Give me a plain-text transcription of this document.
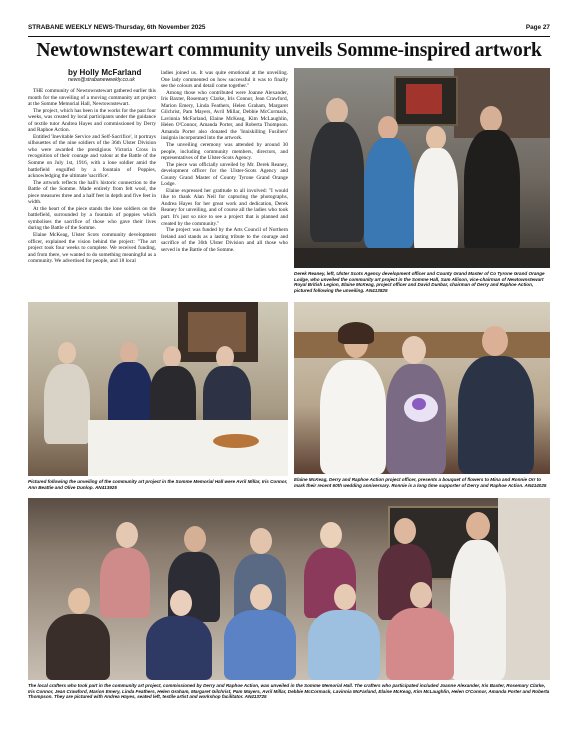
STRABANE WEEKLY NEWS-Thursday, 6th November 2025	Page 27
Newtownstewart community unveils Somme-inspired artwork
by Holly McFarland
news@strabaneweekly.co.uk

THE community of Newtownstewart gathered earlier this month for the unveiling of a moving community art project at the Somme Memorial Hall, Newtownstewart.

The project, which has been in the works for the past four weeks, was created by local participants under the guidance of textile tutor Andrea Hayes and commissioned by Derry and Raphoe Action.

Entitled 'Inevitable Service and Self-Sacrifice', it portrays silhouettes of the nine soldiers of the 36th Ulster Division who were awarded the prestigious Victoria Cross in recognition of their courage and valour at the Battle of the Somme on July 1st, 1916, with a lone soldier amid the battlefield engulfed by a fountain of Poppies, acknowledging the ultimate 'sacrifice'.

The artwork reflects the hall's historic connection to the Battle of the Somme. Made entirely from felt wool, the piece measures three and a half feet in depth and five feet in width.

At the heart of the piece stands the lone soldiers on the battlefield, surrounded by a fountain of poppies which symbolises the sacrifice of those who gave their lives during the Battle of the Somme.

Elaine McKeag, Ulster Scots community development officer, explained the vision behind the project: "The art project took four weeks to complete. We received funding, and from there, we wanted to do something meaningful as a community. We advertised for people, and 18 local

ladies joined us. It was quite emotional at the unveiling. One lady commented on how successful it was to finally see the colours and detail come together."

Among those who contributed were Joanne Alexander, Iris Baxter, Rosemary Clarke, Iris Connor, Jean Crawford, Marion Emery, Linda Feathers, Helen Graham, Margaret Gilchrist, Pam Mayers, Avril Millar, Debbie McCormack, Lavinnia McFarland, Elaine McKeag, Kim McLaughlin, Helen O'Connor, Amanda Porter, and Roberta Thompson. Amanda Porter also donated the 'Inniskilling Fusiliers' insignia incorporated into the artwork.

The unveiling ceremony was attended by around 30 people, including community members, directors, and representatives of the Ulster-Scots Agency.

The piece was officially unveiled by Mr. Derek Reaney, development officer for the Ulster-Scots Agency and County Grand Master of County Tyrone Grand Orange Lodge.

Elaine expressed her gratitude to all involved: "I would like to thank Alan Neil for capturing the photographs, Andrea Hayes for her great work and dedication, Derek Reaney for unveiling, and of course all the ladies who took part. It's just so nice to see a project that is planned and created by the community."

The project was funded by the Arts Council of Northern Ireland and stands as a lasting tribute to the courage and sacrifice of the 36th Ulster Division and all those who served in the Battle of the Somme.

Derek Reaney, left, Ulster Scots Agency development officer and County Grand Master of Co Tyrone Grand Orange Lodge, who unveiled the community art project in the Somme Hall, Sam Allison, vice-chairman of Newtownstewart Royal British Legion, Elaine McKeag, project officer and David Dunbar, chairman of Derry and Raphoe Action, pictured following the unveiling. AN413825
Pictured following the unveiling of the community art project in the Somme Memorial Hall were Avril Millar, Iris Connor, Ann Beattie and Olive Dunlop. AN413925
Elaine McKeag, Derry and Raphoe Action project officer, presents a bouquet of flowers to Mina and Ronnie Orr to mark their recent 60th wedding anniversary. Ronnie is a long time supporter of Derry and Raphoe Action. AN414025
The local crafters who took part in the community art project, commissioned by Derry and Raphoe Action, was unveiled in the Somme Memorial Hall. The crafters who participated included Joanne Alexander, Iris Baxter, Rosemary Clarke, Iris Connor, Jean Crawford, Marion Emery, Linda Feathers, Helen Graham, Margaret Gilchrist, Pam Mayers, Avril Millar, Debbie McCormack, Lavinnia McFarland, Elaine McKeag, Kim McLaughlin, Helen O'Connor, Amanda Porter and Roberta Thompson. They are pictured with Andrea Hayes, seated left, textile artist and workshop facilitator. AN413725
